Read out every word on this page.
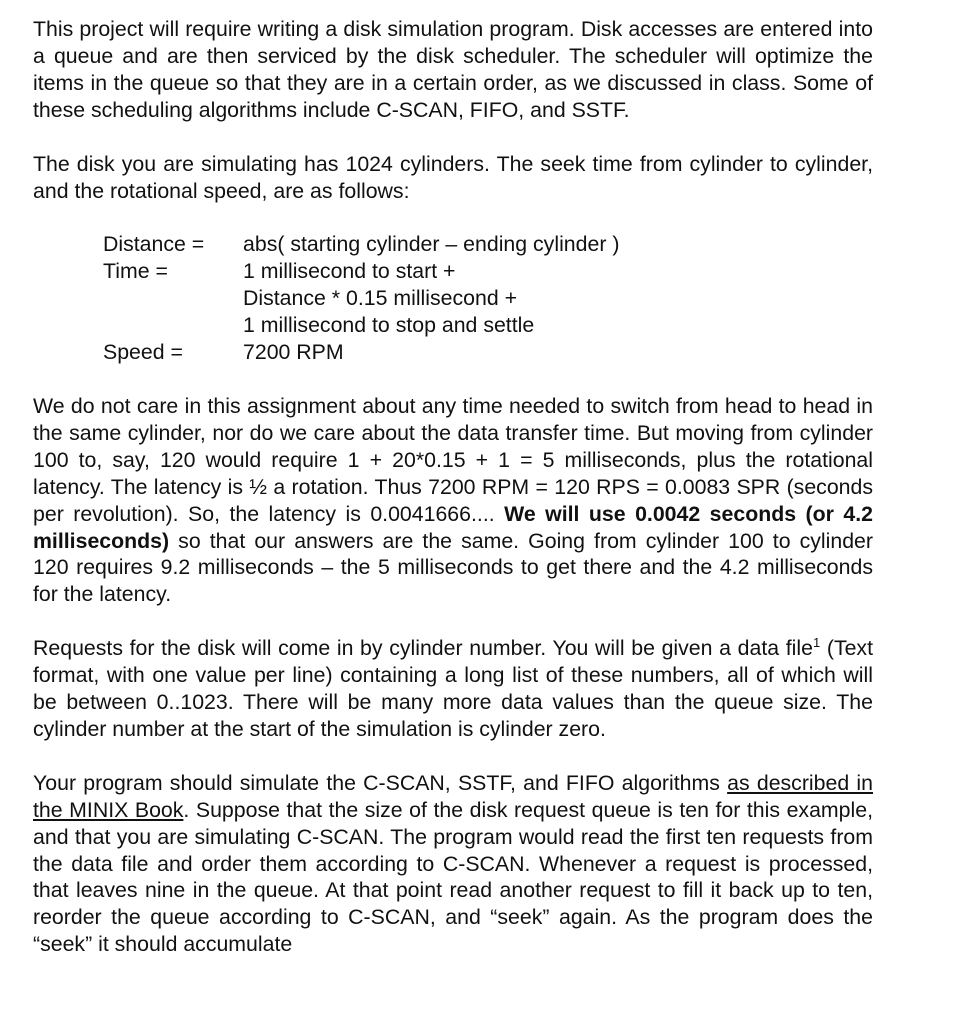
This project will require writing a disk simulation program. Disk accesses are entered into a queue and are then serviced by the disk scheduler. The scheduler will optimize the items in the queue so that they are in a certain order, as we discussed in class. Some of these scheduling algorithms include C-SCAN, FIFO, and SSTF.

The disk you are simulating has 1024 cylinders. The seek time from cylinder to cylinder, and the rotational speed, are as follows:

Distance =	abs( starting cylinder – ending cylinder )
Time =	1 millisecond to start +
Distance * 0.15 millisecond +
1 millisecond to stop and settle
Speed =	7200 RPM

We do not care in this assignment about any time needed to switch from head to head in the same cylinder, nor do we care about the data transfer time. But moving from cylinder 100 to, say, 120 would require 1 + 20*0.15 + 1 = 5 milliseconds, plus the rotational latency. The latency is ½ a rotation. Thus 7200 RPM = 120 RPS = 0.0083 SPR (seconds per revolution). So, the latency is 0.0041666.... We will use 0.0042 seconds (or 4.2 milliseconds) so that our answers are the same. Going from cylinder 100 to cylinder 120 requires 9.2 milliseconds – the 5 milliseconds to get there and the 4.2 milliseconds for the latency.

Requests for the disk will come in by cylinder number. You will be given a data file$^1$ (Text format, with one value per line) containing a long list of these numbers, all of which will be between 0..1023. There will be many more data values than the queue size. The cylinder number at the start of the simulation is cylinder zero.

Your program should simulate the C-SCAN, SSTF, and FIFO algorithms as described in the MINIX Book. Suppose that the size of the disk request queue is ten for this example, and that you are simulating C-SCAN. The program would read the first ten requests from the data file and order them according to C-SCAN. Whenever a request is processed, that leaves nine in the queue. At that point read another request to fill it back up to ten, reorder the queue according to C-SCAN, and “seek” again. As the program does the “seek” it should accumulate
